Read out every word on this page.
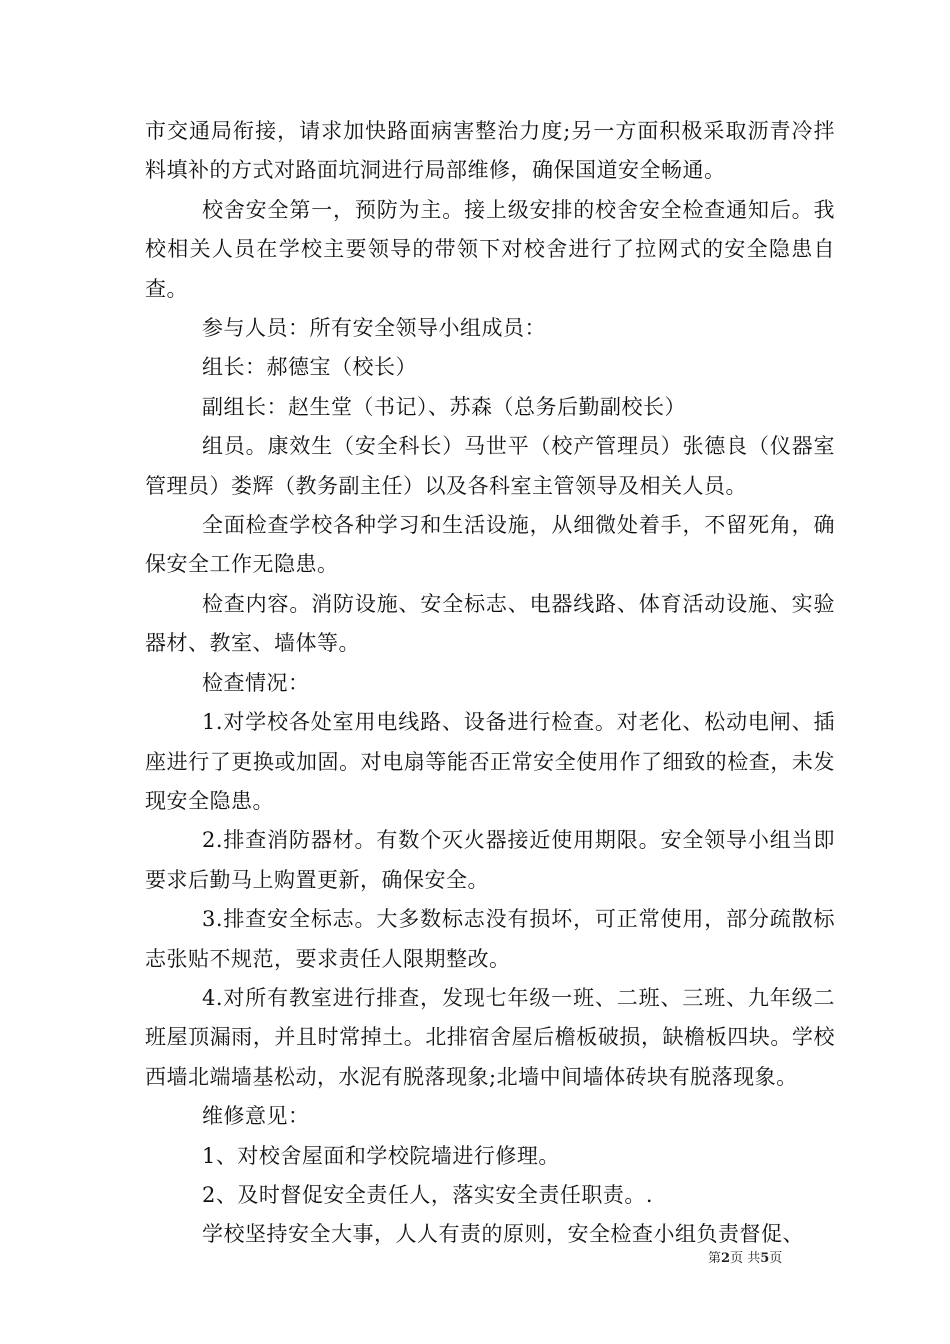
市交通局衔接，请求加快路面病害整治力度;另一方面积极采取沥青冷拌料填补的方式对路面坑洞进行局部维修，确保国道安全畅通。

校舍安全第一，预防为主。接上级安排的校舍安全检查通知后。我校相关人员在学校主要领导的带领下对校舍进行了拉网式的安全隐患自查。

参与人员：所有安全领导小组成员：

组长：郝德宝（校长）

副组长：赵生堂（书记）、苏森（总务后勤副校长）

组员。康效生（安全科长）马世平（校产管理员）张德良（仪器室管理员）娄辉（教务副主任）以及各科室主管领导及相关人员。

全面检查学校各种学习和生活设施，从细微处着手，不留死角，确保安全工作无隐患。

检查内容。消防设施、安全标志、电器线路、体育活动设施、实验器材、教室、墙体等。

检查情况：

1.对学校各处室用电线路、设备进行检查。对老化、松动电闸、插座进行了更换或加固。对电扇等能否正常安全使用作了细致的检查，未发现安全隐患。

2.排查消防器材。有数个灭火器接近使用期限。安全领导小组当即要求后勤马上购置更新，确保安全。

3.排查安全标志。大多数标志没有损坏，可正常使用，部分疏散标志张贴不规范，要求责任人限期整改。

4.对所有教室进行排查，发现七年级一班、二班、三班、九年级二班屋顶漏雨，并且时常掉土。北排宿舍屋后檐板破损，缺檐板四块。学校西墙北端墙基松动，水泥有脱落现象;北墙中间墙体砖块有脱落现象。

维修意见：

1、对校舍屋面和学校院墙进行修理。

2、及时督促安全责任人，落实安全责任职责。.

学校坚持安全大事，人人有责的原则，安全检查小组负责督促、

第2页 共5页
